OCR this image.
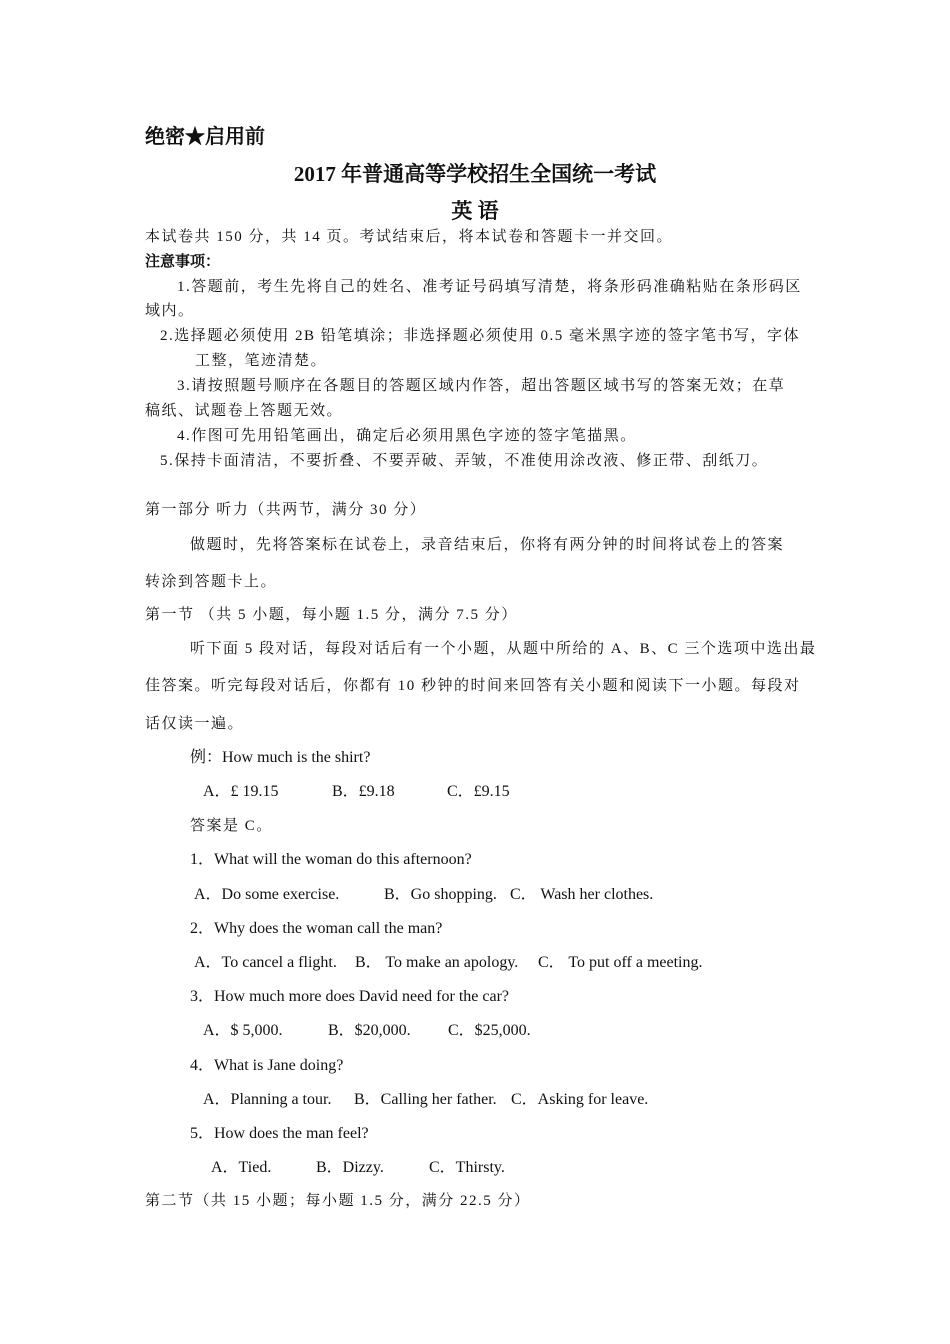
绝密★启用前
2017 年普通高等学校招生全国统一考试
英 语
本试卷共 150 分，共 14 页。考试结束后，将本试卷和答题卡一并交回。
注意事项：
1.答题前，考生先将自己的姓名、准考证号码填写清楚，将条形码准确粘贴在条形码区
域内。
2.选择题必须使用 2B 铅笔填涂；非选择题必须使用 0.5 毫米黑字迹的签字笔书写，字体
工整，笔迹清楚。
3.请按照题号顺序在各题目的答题区域内作答，超出答题区域书写的答案无效；在草
稿纸、试题卷上答题无效。
4.作图可先用铅笔画出，确定后必须用黑色字迹的签字笔描黑。
5.保持卡面清洁，不要折叠、不要弄破、弄皱，不准使用涂改液、修正带、刮纸刀。
第一部分 听力（共两节，满分 30 分）
做题时，先将答案标在试卷上，录音结束后，你将有两分钟的时间将试卷上的答案
转涂到答题卡上。
第一节 （共 5 小题，每小题 1.5 分，满分 7.5 分）
听下面 5 段对话，每段对话后有一个小题，从题中所给的 A、B、C 三个选项中选出最
佳答案。听完每段对话后，你都有 10 秒钟的时间来回答有关小题和阅读下一小题。每段对
话仅读一遍。
例：How much is the shirt?
A．£ 19.15	B．£9.18	C．£9.15
答案是 C。
1．What will the woman do this afternoon?
A．Do some exercise.	B．Go shopping. C． Wash her clothes.
2．Why does the woman call the man?
A．To cancel a flight. B． To make an apology. C． To put off a meeting.
3．How much more does David need for the car?
A．$ 5,000.	B．$20,000. C．$25,000.
4．What is Jane doing?
A．Planning a tour. B．Calling her father. C．Asking for leave.
5．How does the man feel?
A．Tied.	B．Dizzy.	C．Thirsty.
第二节（共 15 小题；每小题 1.5 分，满分 22.5 分）
